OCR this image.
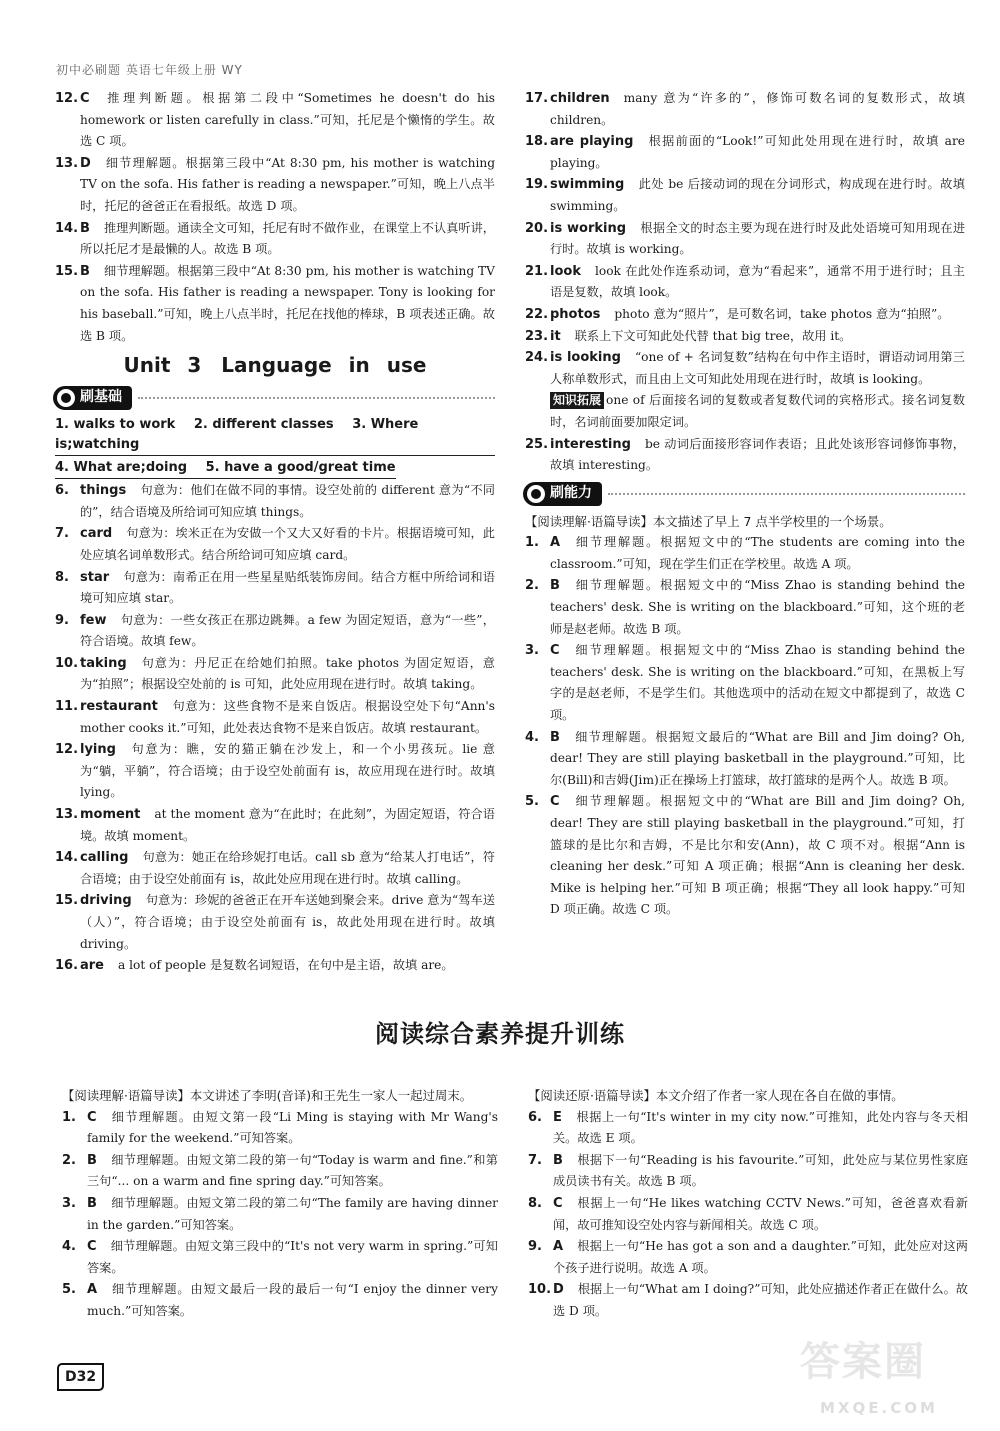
初中必刷题 英语七年级上册 WY
12. C 推理判断题。根据第二段中“Sometimes he doesn't do his homework or listen carefully in class.”可知，托尼是个懒惰的学生。故选 C 项。
13. D 细节理解题。根据第三段中“At 8:30 pm, his mother is watching TV on the sofa. His father is reading a newspaper.”可知，晚上八点半时，托尼的爸爸正在看报纸。故选 D 项。
14. B 推理判断题。通读全文可知，托尼有时不做作业，在课堂上不认真听讲，所以托尼才是最懒的人。故选 B 项。
15. B 细节理解题。根据第三段中“At 8:30 pm, his mother is watching TV on the sofa. His father is reading a newspaper. Tony is looking for his baseball.”可知，晚上八点半时，托尼在找他的棒球，B 项表述正确。故选 B 项。
Unit 3　Language in use
刷基础
1. walks to work 2. different classes 3. Where is;watching
4. What are;doing 5. have a good/great time
6. things 句意为：他们在做不同的事情。设空处前的 different 意为“不同的”，结合语境及所给词可知应填 things。
7. card 句意为：埃米正在为安做一个又大又好看的卡片。根据语境可知，此处应填名词单数形式。结合所给词可知应填 card。
8. star 句意为：南希正在用一些星星贴纸装饰房间。结合方框中所给词和语境可知应填 star。
9. few 句意为：一些女孩正在那边跳舞。a few 为固定短语，意为“一些”，符合语境。故填 few。
10. taking 句意为：丹尼正在给她们拍照。take photos 为固定短语，意为“拍照”；根据设空处前的 is 可知，此处应用现在进行时。故填 taking。
11. restaurant 句意为：这些食物不是来自饭店。根据设空处下句“Ann's mother cooks it.”可知，此处表达食物不是来自饭店。故填 restaurant。
12. lying 句意为：瞧，安的猫正躺在沙发上，和一个小男孩玩。lie 意为“躺，平躺”，符合语境；由于设空处前面有 is，故应用现在进行时。故填 lying。
13. moment at the moment 意为“在此时；在此刻”，为固定短语，符合语境。故填 moment。
14. calling 句意为：她正在给珍妮打电话。call sb 意为“给某人打电话”，符合语境；由于设空处前面有 is，故此处应用现在进行时。故填 calling。
15. driving 句意为：珍妮的爸爸正在开车送她到聚会来。drive 意为“驾车送（人）”，符合语境；由于设空处前面有 is，故此处用现在进行时。故填 driving。
16. are a lot of people 是复数名词短语，在句中是主语，故填 are。
17. children many 意为“许多的”，修饰可数名词的复数形式，故填 children。
18. are playing 根据前面的“Look!”可知此处用现在进行时，故填 are playing。
19. swimming 此处 be 后接动词的现在分词形式，构成现在进行时。故填 swimming。
20. is working 根据全文的时态主要为现在进行时及此处语境可知用现在进行时。故填 is working。
21. look look 在此处作连系动词，意为“看起来”，通常不用于进行时；且主语是复数，故填 look。
22. photos photo 意为“照片”，是可数名词，take photos 意为“拍照”。
23. it 联系上下文可知此处代替 that big tree，故用 it。
24. is looking “one of + 名词复数”结构在句中作主语时，谓语动词用第三人称单数形式，而且由上文可知此处用现在进行时，故填 is looking。
知识拓展 one of 后面接名词的复数或者复数代词的宾格形式。接名词复数时，名词前面要加限定词。
25. interesting be 动词后面接形容词作表语；且此处该形容词修饰事物，故填 interesting。
刷能力
【阅读理解·语篇导读】本文描述了早上 7 点半学校里的一个场景。
1. A 细节理解题。根据短文中的“The students are coming into the classroom.”可知，现在学生们正在学校里。故选 A 项。
2. B 细节理解题。根据短文中的“Miss Zhao is standing behind the teachers' desk. She is writing on the blackboard.”可知，这个班的老师是赵老师。故选 B 项。
3. C 细节理解题。根据短文中的“Miss Zhao is standing behind the teachers' desk. She is writing on the blackboard.”可知，在黑板上写字的是赵老师，不是学生们。其他选项中的活动在短文中都提到了，故选 C 项。
4. B 细节理解题。根据短文最后的“What are Bill and Jim doing? Oh, dear! They are still playing basketball in the playground.”可知，比尔(Bill)和吉姆(Jim)正在操场上打篮球，故打篮球的是两个人。故选 B 项。
5. C 细节理解题。根据短文中的“What are Bill and Jim doing? Oh, dear! They are still playing basketball in the playground.”可知，打篮球的是比尔和吉姆，不是比尔和安(Ann)，故 C 项不对。根据“Ann is cleaning her desk.”可知 A 项正确；根据“Ann is cleaning her desk. Mike is helping her.”可知 B 项正确；根据“They all look happy.”可知 D 项正确。故选 C 项。
阅读综合素养提升训练
【阅读理解·语篇导读】本文讲述了李明(音译)和王先生一家人一起过周末。
1. C 细节理解题。由短文第一段“Li Ming is staying with Mr Wang's family for the weekend.”可知答案。
2. B 细节理解题。由短文第二段的第一句“Today is warm and fine.”和第三句“... on a warm and fine spring day.”可知答案。
3. B 细节理解题。由短文第二段的第二句“The family are having dinner in the garden.”可知答案。
4. C 细节理解题。由短文第三段中的“It's not very warm in spring.”可知答案。
5. A 细节理解题。由短文最后一段的最后一句“I enjoy the dinner very much.”可知答案。
【阅读还原·语篇导读】本文介绍了作者一家人现在各自在做的事情。
6. E 根据上一句“It's winter in my city now.”可推知，此处内容与冬天相关。故选 E 项。
7. B 根据下一句“Reading is his favourite.”可知，此处应与某位男性家庭成员读书有关。故选 B 项。
8. C 根据上一句“He likes watching CCTV News.”可知，爸爸喜欢看新闻，故可推知设空处内容与新闻相关。故选 C 项。
9. A 根据上一句“He has got a son and a daughter.”可知，此处应对这两个孩子进行说明。故选 A 项。
10. D 根据上一句“What am I doing?”可知，此处应描述作者正在做什么。故选 D 项。
D32	答案圈
MXQE.COM
